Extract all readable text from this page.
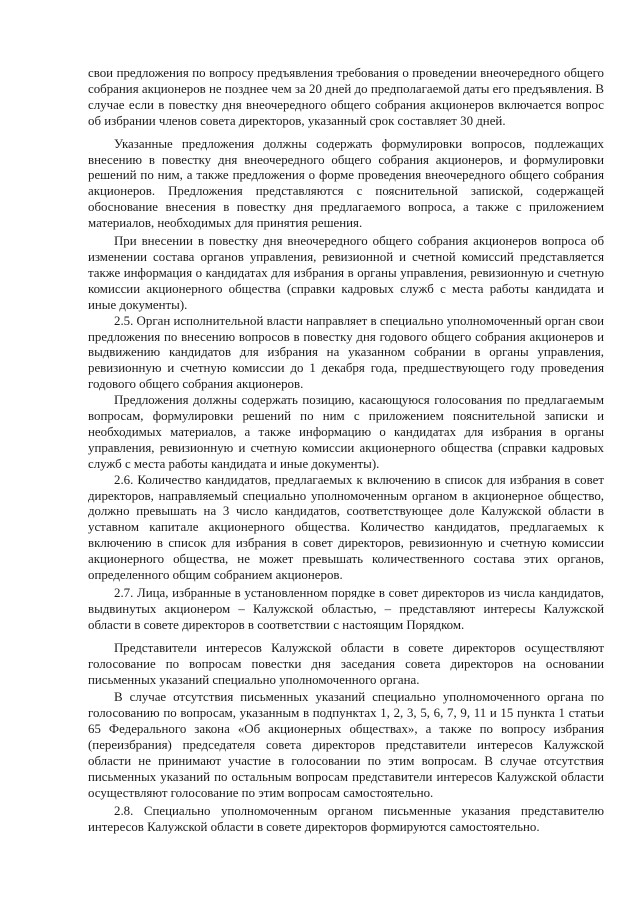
свои предложения по вопросу предъявления требования о проведении внеочередного общего собрания акционеров не позднее чем за 20 дней до предполагаемой даты его предъявления. В случае если в повестку дня внеочередного общего собрания акционеров включается вопрос об избрании членов совета директоров, указанный срок составляет 30 дней.

Указанные предложения должны содержать формулировки вопросов, подлежащих внесению в повестку дня внеочередного общего собрания акционеров, и формулировки решений по ним, а также предложения о форме проведения внеочередного общего собрания акционеров. Предложения представляются с пояснительной запиской, содержащей обоснование внесения в повестку дня предлагаемого вопроса, а также с приложением материалов, необходимых для принятия решения.

При внесении в повестку дня внеочередного общего собрания акционеров вопроса об изменении состава органов управления, ревизионной и счетной комиссий представляется также информация о кандидатах для избрания в органы управления, ревизионную и счетную комиссии акционерного общества (справки кадровых служб с места работы кандидата и иные документы).

2.5. Орган исполнительной власти направляет в специально уполномоченный орган свои предложения по внесению вопросов в повестку дня годового общего собрания акционеров и выдвижению кандидатов для избрания на указанном собрании в органы управления, ревизионную и счетную комиссии до 1 декабря года, предшествующего году проведения годового общего собрания акционеров.

Предложения должны содержать позицию, касающуюся голосования по предлагаемым вопросам, формулировки решений по ним с приложением пояснительной записки и необходимых материалов, а также информацию о кандидатах для избрания в органы управления, ревизионную и счетную комиссии акционерного общества (справки кадровых служб с места работы кандидата и иные документы).

2.6. Количество кандидатов, предлагаемых к включению в список для избрания в совет директоров, направляемый специально уполномоченным органом в акционерное общество, должно превышать на 3 число кандидатов, соответствующее доле Калужской области в уставном капитале акционерного общества. Количество кандидатов, предлагаемых к включению в список для избрания в совет директоров, ревизионную и счетную комиссии акционерного общества, не может превышать количественного состава этих органов, определенного общим собранием акционеров.

2.7. Лица, избранные в установленном порядке в совет директоров из числа кандидатов, выдвинутых акционером – Калужской областью, – представляют интересы Калужской области в совете директоров в соответствии с настоящим Порядком.

Представители интересов Калужской области в совете директоров осуществляют голосование по вопросам повестки дня заседания совета директоров на основании письменных указаний специально уполномоченного органа.

В случае отсутствия письменных указаний специально уполномоченного органа по голосованию по вопросам, указанным в подпунктах 1, 2, 3, 5, 6, 7, 9, 11 и 15 пункта 1 статьи 65 Федерального закона «Об акционерных обществах», а также по вопросу избрания (переизбрания) председателя совета директоров представители интересов Калужской области не принимают участие в голосовании по этим вопросам. В случае отсутствия письменных указаний по остальным вопросам представители интересов Калужской области осуществляют голосование по этим вопросам самостоятельно.

2.8. Специально уполномоченным органом письменные указания представителю интересов Калужской области в совете директоров формируются самостоятельно.
